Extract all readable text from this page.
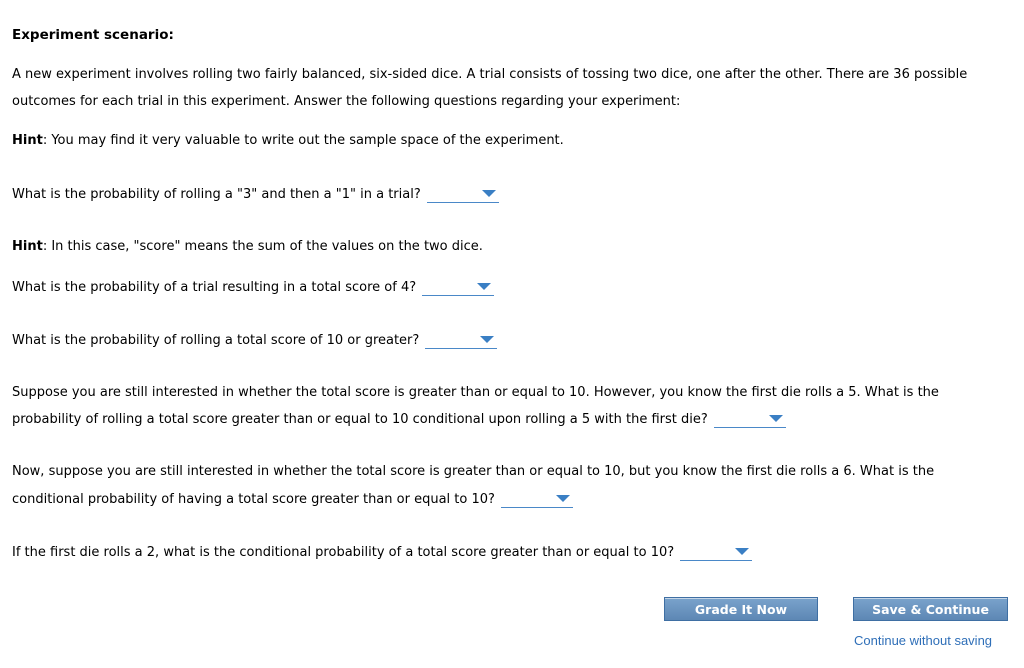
Experiment scenario:
A new experiment involves rolling two fairly balanced, six-sided dice. A trial consists of tossing two dice, one after the other. There are 36 possible
outcomes for each trial in this experiment. Answer the following questions regarding your experiment:
Hint: You may find it very valuable to write out the sample space of the experiment.
What is the probability of rolling a "3" and then a "1" in a trial?
Hint: In this case, "score" means the sum of the values on the two dice.
What is the probability of a trial resulting in a total score of 4?
What is the probability of rolling a total score of 10 or greater?
Suppose you are still interested in whether the total score is greater than or equal to 10. However, you know the first die rolls a 5. What is the
probability of rolling a total score greater than or equal to 10 conditional upon rolling a 5 with the first die?
Now, suppose you are still interested in whether the total score is greater than or equal to 10, but you know the first die rolls a 6. What is the
conditional probability of having a total score greater than or equal to 10?
If the first die rolls a 2, what is the conditional probability of a total score greater than or equal to 10?
Grade It Now	Save & Continue
Continue without saving
